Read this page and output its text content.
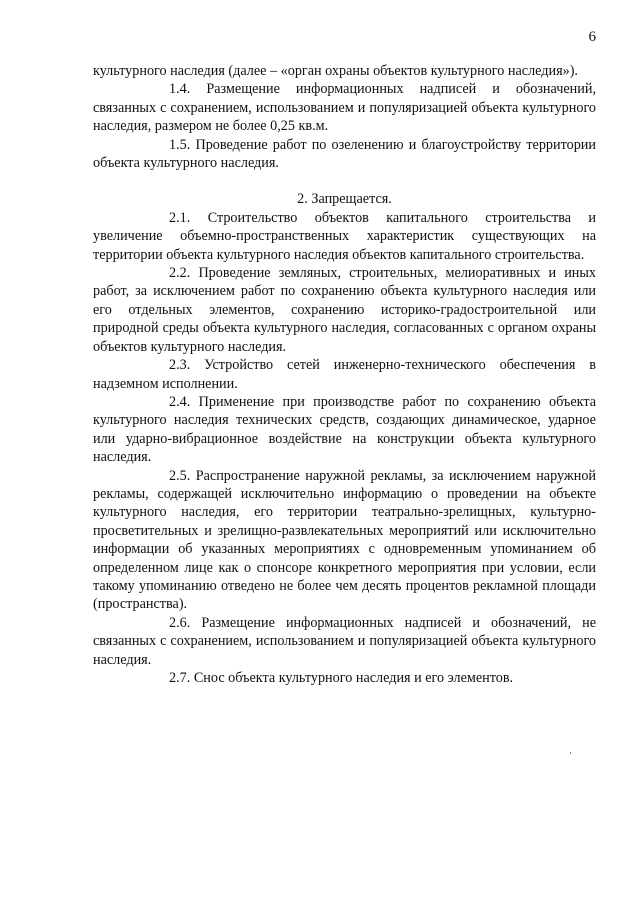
6

культурного наследия (далее – «орган охраны объектов культурного наследия»).

1.4. Размещение информационных надписей и обозначений, связанных с сохранением, использованием и популяризацией объекта культурного наследия, размером не более 0,25 кв.м.

1.5. Проведение работ по озеленению и благоустройству территории объекта культурного наследия.

2. Запрещается.

2.1. Строительство объектов капитального строительства и увеличение объемно-пространственных характеристик существующих на территории объекта культурного наследия объектов капитального строительства.

2.2. Проведение земляных, строительных, мелиоративных и иных работ, за исключением работ по сохранению объекта культурного наследия или его отдельных элементов, сохранению историко-градостроительной или природной среды объекта культурного наследия, согласованных с органом охраны объектов культурного наследия.

2.3. Устройство сетей инженерно-технического обеспечения в надземном исполнении.

2.4. Применение при производстве работ по сохранению объекта культурного наследия технических средств, создающих динамическое, ударное или ударно-вибрационное воздействие на конструкции объекта культурного наследия.

2.5. Распространение наружной рекламы, за исключением наружной рекламы, содержащей исключительно информацию о проведении на объекте культурного наследия, его территории театрально-зрелищных, культурно-просветительных и зрелищно-развлекательных мероприятий или исключительно информации об указанных мероприятиях с одновременным упоминанием об определенном лице как о спонсоре конкретного мероприятия при условии, если такому упоминанию отведено не более чем десять процентов рекламной площади (пространства).

2.6. Размещение информационных надписей и обозначений, не связанных с сохранением, использованием и популяризацией объекта культурного наследия.

2.7. Снос объекта культурного наследия и его элементов.
